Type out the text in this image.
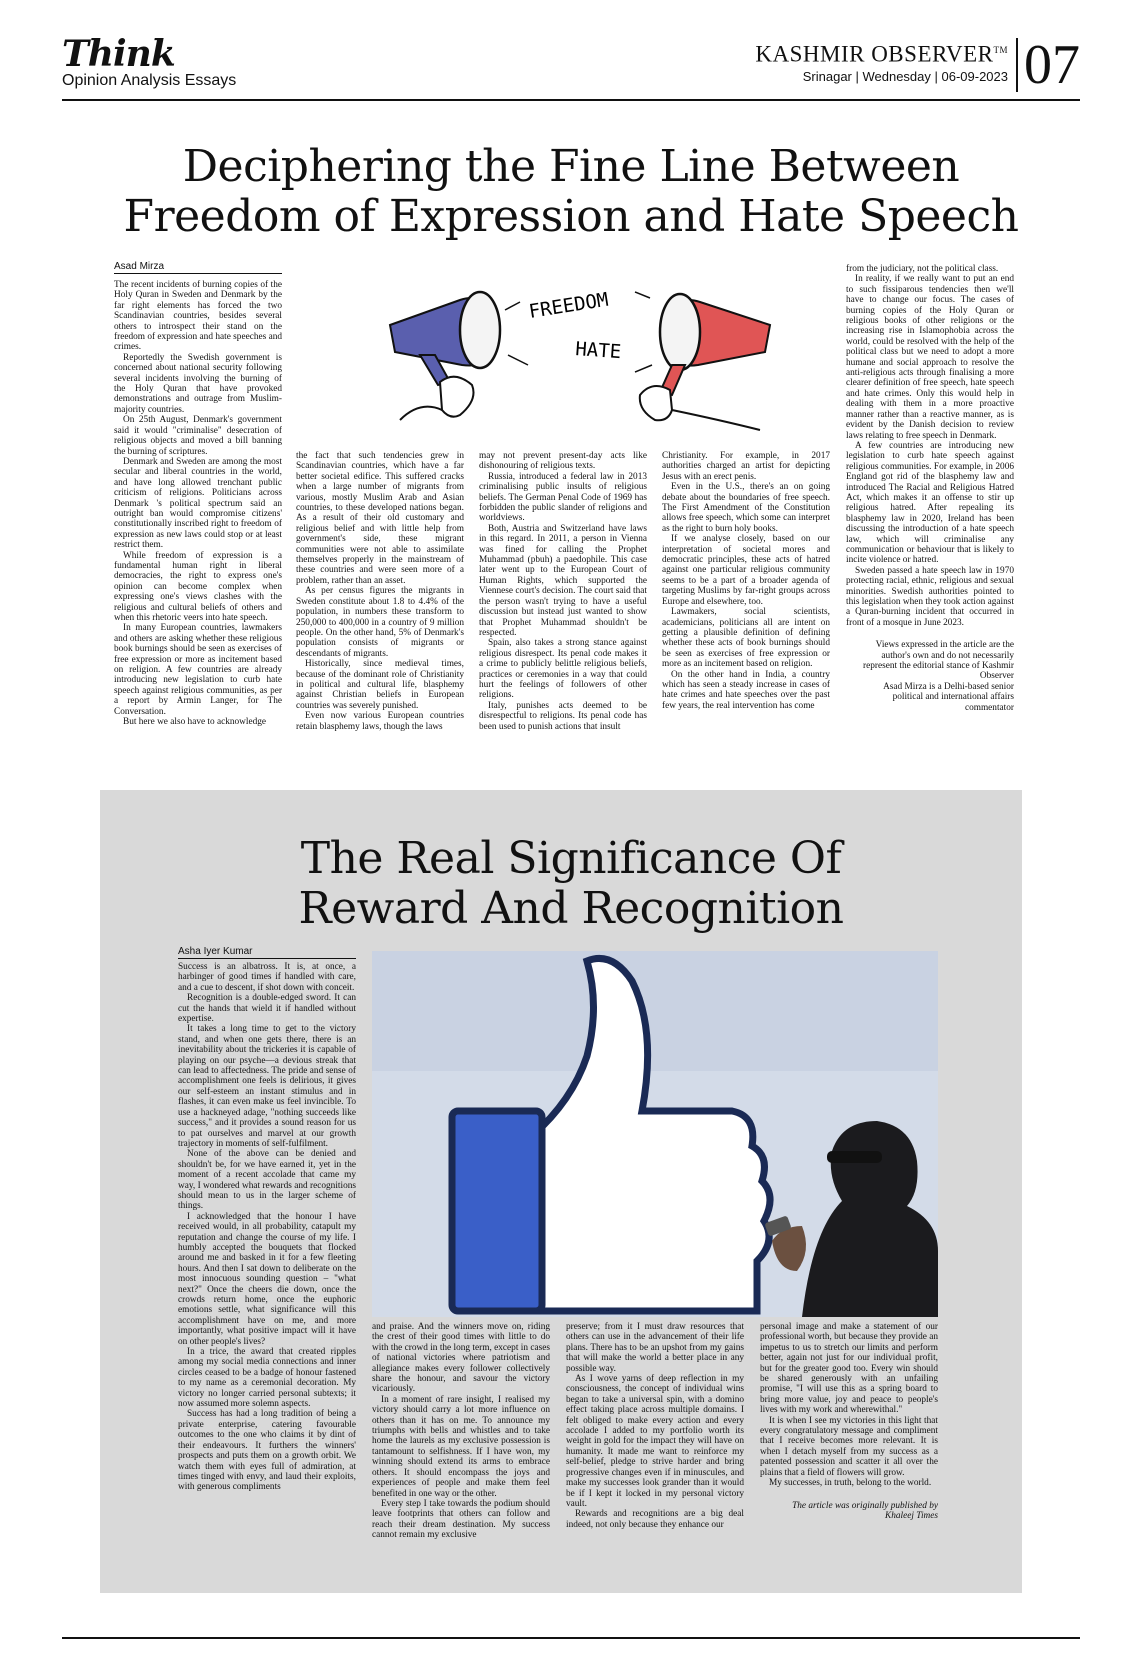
Think
Opinion Analysis Essays
KASHMIR OBSERVER™
Srinagar | Wednesday | 06-09-2023 07
Deciphering the Fine Line Between
Freedom of Expression and Hate Speech
Asad Mirza
FREEDOM
HATE

The recent incidents of burning copies of the Holy Quran in Sweden and Denmark by the far right elements has forced the two Scandinavian countries, besides several others to introspect their stand on the freedom of expression and hate speeches and crimes.

Reportedly the Swedish government is concerned about national security following several incidents involving the burning of the Holy Quran that have provoked demonstrations and outrage from Muslim-majority countries.

On 25th August, Denmark's government said it would "criminalise" desecration of religious objects and moved a bill banning the burning of scriptures.

Denmark and Sweden are among the most secular and liberal countries in the world, and have long allowed trenchant public criticism of religions. Politicians across Denmark 's political spectrum said an outright ban would compromise citizens' constitutionally inscribed right to freedom of expression as new laws could stop or at least restrict them.

While freedom of expression is a fundamental human right in liberal democracies, the right to express one's opinion can become complex when expressing one's views clashes with the religious and cultural beliefs of others and when this rhetoric veers into hate speech.

In many European countries, lawmakers and others are asking whether these religious book burnings should be seen as exercises of free expression or more as incitement based on religion. A few countries are already introducing new legislation to curb hate speech against religious communities, as per a report by Armin Langer, for The Conversation.

But here we also have to acknowledge

the fact that such tendencies grew in Scandinavian countries, which have a far better societal edifice. This suffered cracks when a large number of migrants from various, mostly Muslim Arab and Asian countries, to these developed nations began. As a result of their old customary and religious belief and with little help from government's side, these migrant communities were not able to assimilate themselves properly in the mainstream of these countries and were seen more of a problem, rather than an asset.

As per census figures the migrants in Sweden constitute about 1.8 to 4.4% of the population, in numbers these transform to 250,000 to 400,000 in a country of 9 million people. On the other hand, 5% of Denmark's population consists of migrants or descendants of migrants.

Historically, since medieval times, because of the dominant role of Christianity in political and cultural life, blasphemy against Christian beliefs in European countries was severely punished.

Even now various European countries retain blasphemy laws, though the laws

may not prevent present-day acts like dishonouring of religious texts.

Russia, introduced a federal law in 2013 criminalising public insults of religious beliefs. The German Penal Code of 1969 has forbidden the public slander of religions and worldviews.

Both, Austria and Switzerland have laws in this regard. In 2011, a person in Vienna was fined for calling the Prophet Muhammad (pbuh) a paedophile. This case later went up to the European Court of Human Rights, which supported the Viennese court's decision. The court said that the person wasn't trying to have a useful discussion but instead just wanted to show that Prophet Muhammad shouldn't be respected.

Spain, also takes a strong stance against religious disrespect. Its penal code makes it a crime to publicly belittle religious beliefs, practices or ceremonies in a way that could hurt the feelings of followers of other religions.

Italy, punishes acts deemed to be disrespectful to religions. Its penal code has been used to punish actions that insult

Christianity. For example, in 2017 authorities charged an artist for depicting Jesus with an erect penis.

Even in the U.S., there's an on going debate about the boundaries of free speech. The First Amendment of the Constitution allows free speech, which some can interpret as the right to burn holy books.

If we analyse closely, based on our interpretation of societal mores and democratic principles, these acts of hatred against one particular religious community seems to be a part of a broader agenda of targeting Muslims by far-right groups across Europe and elsewhere, too.

Lawmakers, social scientists, academicians, politicians all are intent on getting a plausible definition of defining whether these acts of book burnings should be seen as exercises of free expression or more as an incitement based on religion.

On the other hand in India, a country which has seen a steady increase in cases of hate crimes and hate speeches over the past few years, the real intervention has come

from the judiciary, not the political class.

In reality, if we really want to put an end to such fissiparous tendencies then we'll have to change our focus. The cases of burning copies of the Holy Quran or religious books of other religions or the increasing rise in Islamophobia across the world, could be resolved with the help of the political class but we need to adopt a more humane and social approach to resolve the anti-religious acts through finalising a more clearer definition of free speech, hate speech and hate crimes. Only this would help in dealing with them in a more proactive manner rather than a reactive manner, as is evident by the Danish decision to review laws relating to free speech in Denmark.

A few countries are introducing new legislation to curb hate speech against religious communities. For example, in 2006 England got rid of the blasphemy law and introduced The Racial and Religious Hatred Act, which makes it an offense to stir up religious hatred. After repealing its blasphemy law in 2020, Ireland has been discussing the introduction of a hate speech law, which will criminalise any communication or behaviour that is likely to incite violence or hatred.

Sweden passed a hate speech law in 1970 protecting racial, ethnic, religious and sexual minorities. Swedish authorities pointed to this legislation when they took action against a Quran-burning incident that occurred in front of a mosque in June 2023.

Views expressed in the article are the author's own and do not necessarily represent the editorial stance of Kashmir Observer

Asad Mirza is a Delhi-based senior political and international affairs commentator

The Real Significance Of
Reward And Recognition
Asha Iyer Kumar

Success is an albatross. It is, at once, a harbinger of good times if handled with care, and a cue to descent, if shot down with conceit.

Recognition is a double-edged sword. It can cut the hands that wield it if handled without expertise.

It takes a long time to get to the victory stand, and when one gets there, there is an inevitability about the trickeries it is capable of playing on our psyche—a devious streak that can lead to affectedness. The pride and sense of accomplishment one feels is delirious, it gives our self-esteem an instant stimulus and in flashes, it can even make us feel invincible. To use a hackneyed adage, "nothing succeeds like success," and it provides a sound reason for us to pat ourselves and marvel at our growth trajectory in moments of self-fulfilment.

None of the above can be denied and shouldn't be, for we have earned it, yet in the moment of a recent accolade that came my way, I wondered what rewards and recognitions should mean to us in the larger scheme of things.

I acknowledged that the honour I have received would, in all probability, catapult my reputation and change the course of my life. I humbly accepted the bouquets that flocked around me and basked in it for a few fleeting hours. And then I sat down to deliberate on the most innocuous sounding question – "what next?" Once the cheers die down, once the crowds return home, once the euphoric emotions settle, what significance will this accomplishment have on me, and more importantly, what positive impact will it have on other people's lives?

In a trice, the award that created ripples among my social media connections and inner circles ceased to be a badge of honour fastened to my name as a ceremonial decoration. My victory no longer carried personal subtexts; it now assumed more solemn aspects.

Success has had a long tradition of being a private enterprise, catering favourable outcomes to the one who claims it by dint of their endeavours. It furthers the winners' prospects and puts them on a growth orbit. We watch them with eyes full of admiration, at times tinged with envy, and laud their exploits, with generous compliments

and praise. And the winners move on, riding the crest of their good times with little to do with the crowd in the long term, except in cases of national victories where patriotism and allegiance makes every follower collectively share the honour, and savour the victory vicariously.

In a moment of rare insight, I realised my victory should carry a lot more influence on others than it has on me. To announce my triumphs with bells and whistles and to take home the laurels as my exclusive possession is tantamount to selfishness. If I have won, my winning should extend its arms to embrace others. It should encompass the joys and experiences of people and make them feel benefited in one way or the other.

Every step I take towards the podium should leave footprints that others can follow and reach their dream destination. My success cannot remain my exclusive

preserve; from it I must draw resources that others can use in the advancement of their life plans. There has to be an upshot from my gains that will make the world a better place in any possible way.

As I wove yarns of deep reflection in my consciousness, the concept of individual wins began to take a universal spin, with a domino effect taking place across multiple domains. I felt obliged to make every action and every accolade I added to my portfolio worth its weight in gold for the impact they will have on humanity. It made me want to reinforce my self-belief, pledge to strive harder and bring progressive changes even if in minuscules, and make my successes look grander than it would be if I kept it locked in my personal victory vault.

Rewards and recognitions are a big deal indeed, not only because they enhance our

personal image and make a statement of our professional worth, but because they provide an impetus to us to stretch our limits and perform better, again not just for our individual profit, but for the greater good too. Every win should be shared generously with an unfailing promise, "I will use this as a spring board to bring more value, joy and peace to people's lives with my work and wherewithal."

It is when I see my victories in this light that every congratulatory message and compliment that I receive becomes more relevant. It is when I detach myself from my success as a patented possession and scatter it all over the plains that a field of flowers will grow.

My successes, in truth, belong to the world.

The article was originally published by Khaleej Times
